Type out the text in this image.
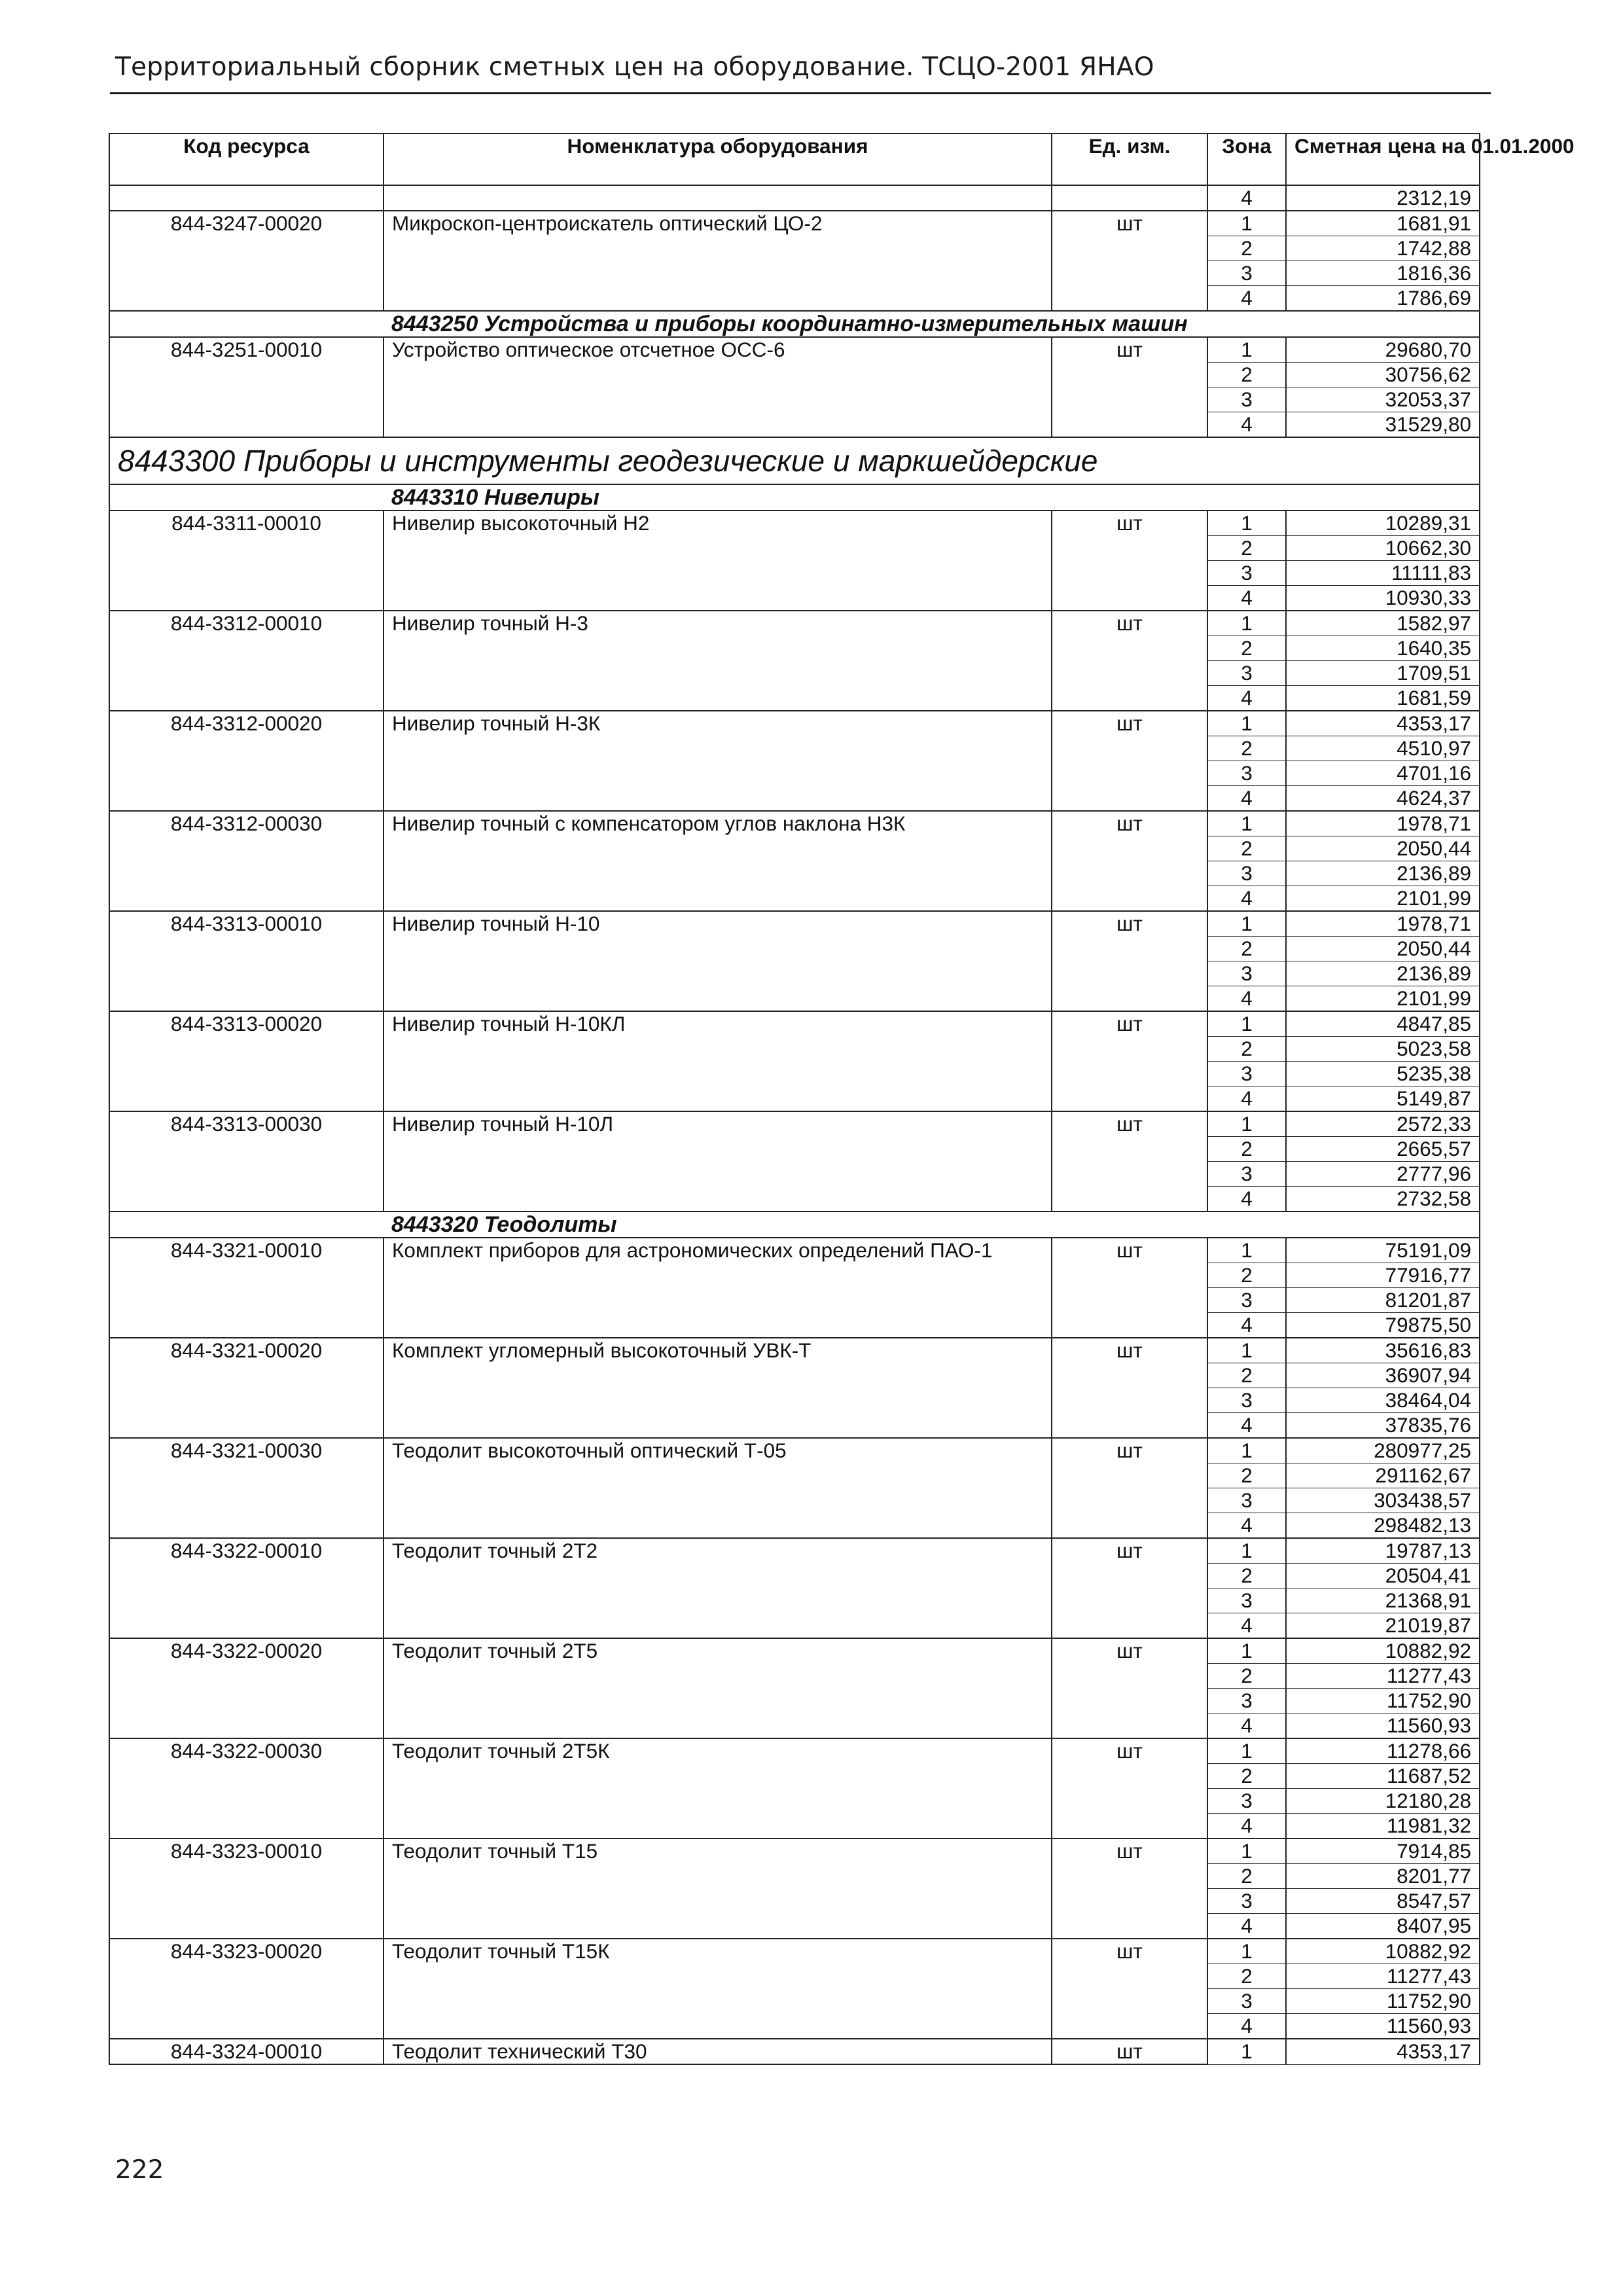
Территориальный сборник сметных цен на оборудование. ТСЦО-2001 ЯНАО
Код ресурса	Номенклатура оборудования	Ед. изм.	Зона	Сметная цена на 01.01.2000
			4	2312,19
844-3247-00020	Микроскоп-центроискатель оптический ЦО-2	шт	1	1681,91
			2	1742,88
			3	1816,36
			4	1786,69
8443250 Устройства и приборы координатно-измерительных машин				
844-3251-00010	Устройство оптическое отсчетное ОСС-6	шт	1	29680,70
			2	30756,62
			3	32053,37
			4	31529,80
8443300 Приборы и инструменты геодезические и маркшейдерские				
8443310 Нивелиры				
844-3311-00010	Нивелир высокоточный Н2	шт	1	10289,31
			2	10662,30
			3	11111,83
			4	10930,33
844-3312-00010	Нивелир точный Н-3	шт	1	1582,97
			2	1640,35
			3	1709,51
			4	1681,59
844-3312-00020	Нивелир точный Н-3К	шт	1	4353,17
			2	4510,97
			3	4701,16
			4	4624,37
844-3312-00030	Нивелир точный с компенсатором углов наклона Н3К	шт	1	1978,71
			2	2050,44
			3	2136,89
			4	2101,99
844-3313-00010	Нивелир точный Н-10	шт	1	1978,71
			2	2050,44
			3	2136,89
			4	2101,99
844-3313-00020	Нивелир точный Н-10КЛ	шт	1	4847,85
			2	5023,58
			3	5235,38
			4	5149,87
844-3313-00030	Нивелир точный Н-10Л	шт	1	2572,33
			2	2665,57
			3	2777,96
			4	2732,58
8443320 Теодолиты				
844-3321-00010	Комплект приборов для астрономических определений ПАО-1	шт	1	75191,09
			2	77916,77
			3	81201,87
			4	79875,50
844-3321-00020	Комплект угломерный высокоточный УВК-Т	шт	1	35616,83
			2	36907,94
			3	38464,04
			4	37835,76
844-3321-00030	Теодолит высокоточный оптический Т-05	шт	1	280977,25
			2	291162,67
			3	303438,57
			4	298482,13
844-3322-00010	Теодолит точный 2Т2	шт	1	19787,13
			2	20504,41
			3	21368,91
			4	21019,87
844-3322-00020	Теодолит точный 2Т5	шт	1	10882,92
			2	11277,43
			3	11752,90
			4	11560,93
844-3322-00030	Теодолит точный 2Т5К	шт	1	11278,66
			2	11687,52
			3	12180,28
			4	11981,32
844-3323-00010	Теодолит точный Т15	шт	1	7914,85
			2	8201,77
			3	8547,57
			4	8407,95
844-3323-00020	Теодолит точный Т15К	шт	1	10882,92
			2	11277,43
			3	11752,90
			4	11560,93
844-3324-00010	Теодолит технический Т30	шт	1	4353,17
222
